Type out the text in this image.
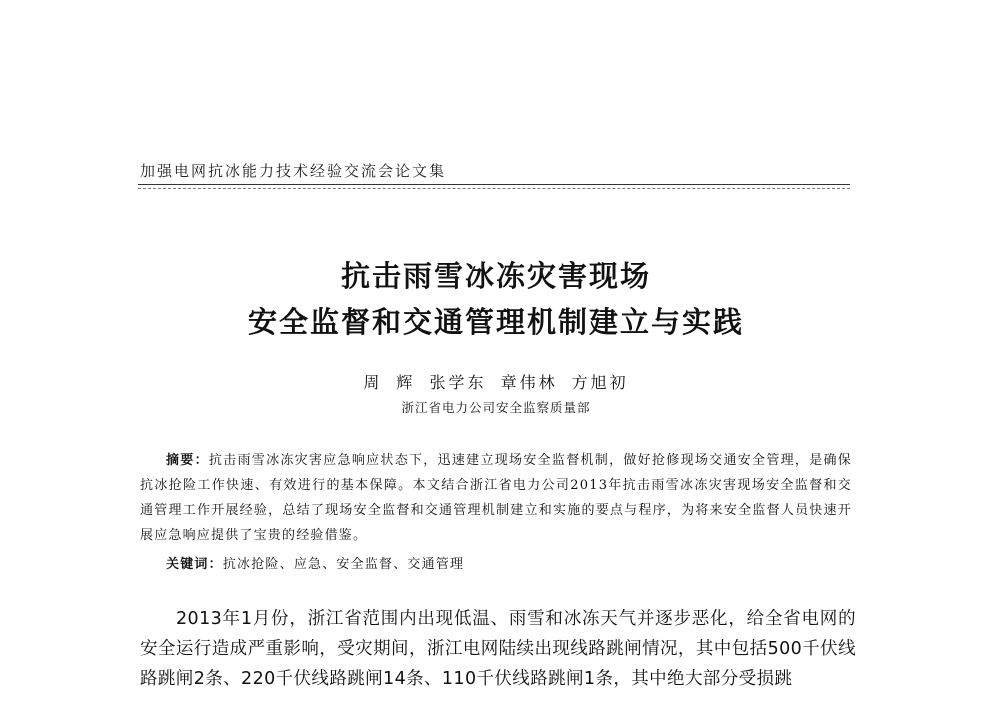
加强电网抗冰能力技术经验交流会论文集
抗击雨雪冰冻灾害现场
安全监督和交通管理机制建立与实践
周 辉 张学东 章伟林 方旭初
浙江省电力公司安全监察质量部
摘要：抗击雨雪冰冻灾害应急响应状态下，迅速建立现场安全监督机制，做好抢修现场交通安全管理，是确保抗冰抢险工作快速、有效进行的基本保障。本文结合浙江省电力公司2013年抗击雨雪冰冻灾害现场安全监督和交通管理工作开展经验，总结了现场安全监督和交通管理机制建立和实施的要点与程序，为将来安全监督人员快速开展应急响应提供了宝贵的经验借鉴。
关键词：抗冰抢险、应急、安全监督、交通管理
2013年1月份，浙江省范围内出现低温、雨雪和冰冻天气并逐步恶化，给全省电网的安全运行造成严重影响，受灾期间，浙江电网陆续出现线路跳闸情况，其中包括500千伏线路跳闸2条、220千伏线路跳闸14条、110千伏线路跳闸1条，其中绝大部分受损跳
